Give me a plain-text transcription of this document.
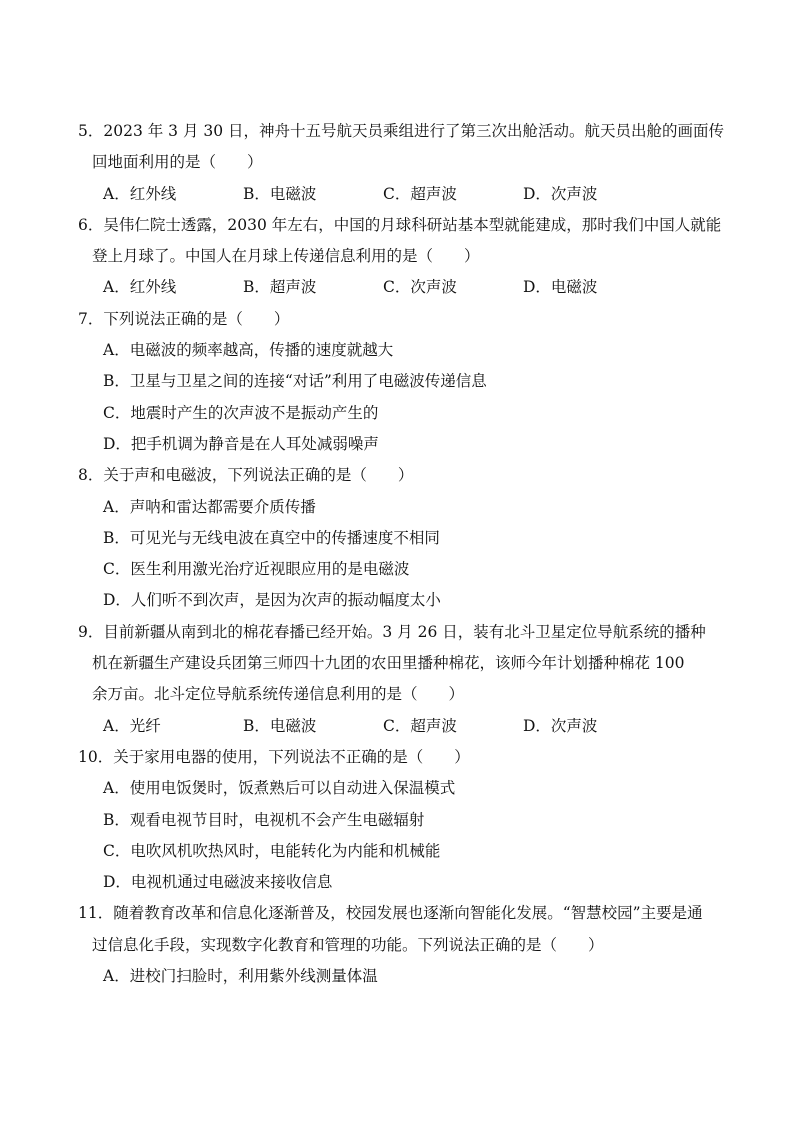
5． 2023 年 3 月 30 日，神舟十五号航天员乘组进行了第三次出舱活动。航天员出舱的画面传
回地面利用的是（　　）
A．红外线	B．电磁波	C．超声波	D．次声波
6． 吴伟仁院士透露，2030 年左右，中国的月球科研站基本型就能建成，那时我们中国人就能
登上月球了。中国人在月球上传递信息利用的是（　　）
A．红外线	B．超声波	C．次声波	D．电磁波
7． 下列说法正确的是（　　）
A．电磁波的频率越高，传播的速度就越大
B．卫星与卫星之间的连接“对话”利用了电磁波传递信息
C．地震时产生的次声波不是振动产生的
D．把手机调为静音是在人耳处减弱噪声
8． 关于声和电磁波，下列说法正确的是（　　）
A．声呐和雷达都需要介质传播
B．可见光与无线电波在真空中的传播速度不相同
C．医生利用激光治疗近视眼应用的是电磁波
D．人们听不到次声，是因为次声的振动幅度太小
9． 目前新疆从南到北的棉花春播已经开始。3 月 26 日，装有北斗卫星定位导航系统的播种
机在新疆生产建设兵团第三师四十九团的农田里播种棉花，该师今年计划播种棉花 100
余万亩。北斗定位导航系统传递信息利用的是（　　）
A．光纤	B．电磁波	C．超声波	D．次声波
10． 关于家用电器的使用，下列说法不正确的是（　　）
A．使用电饭煲时，饭煮熟后可以自动进入保温模式
B．观看电视节目时，电视机不会产生电磁辐射
C．电吹风机吹热风时，电能转化为内能和机械能
D．电视机通过电磁波来接收信息
11． 随着教育改革和信息化逐渐普及，校园发展也逐渐向智能化发展。“智慧校园”主要是通
过信息化手段，实现数字化教育和管理的功能。下列说法正确的是（　　）
A．进校门扫脸时，利用紫外线测量体温
